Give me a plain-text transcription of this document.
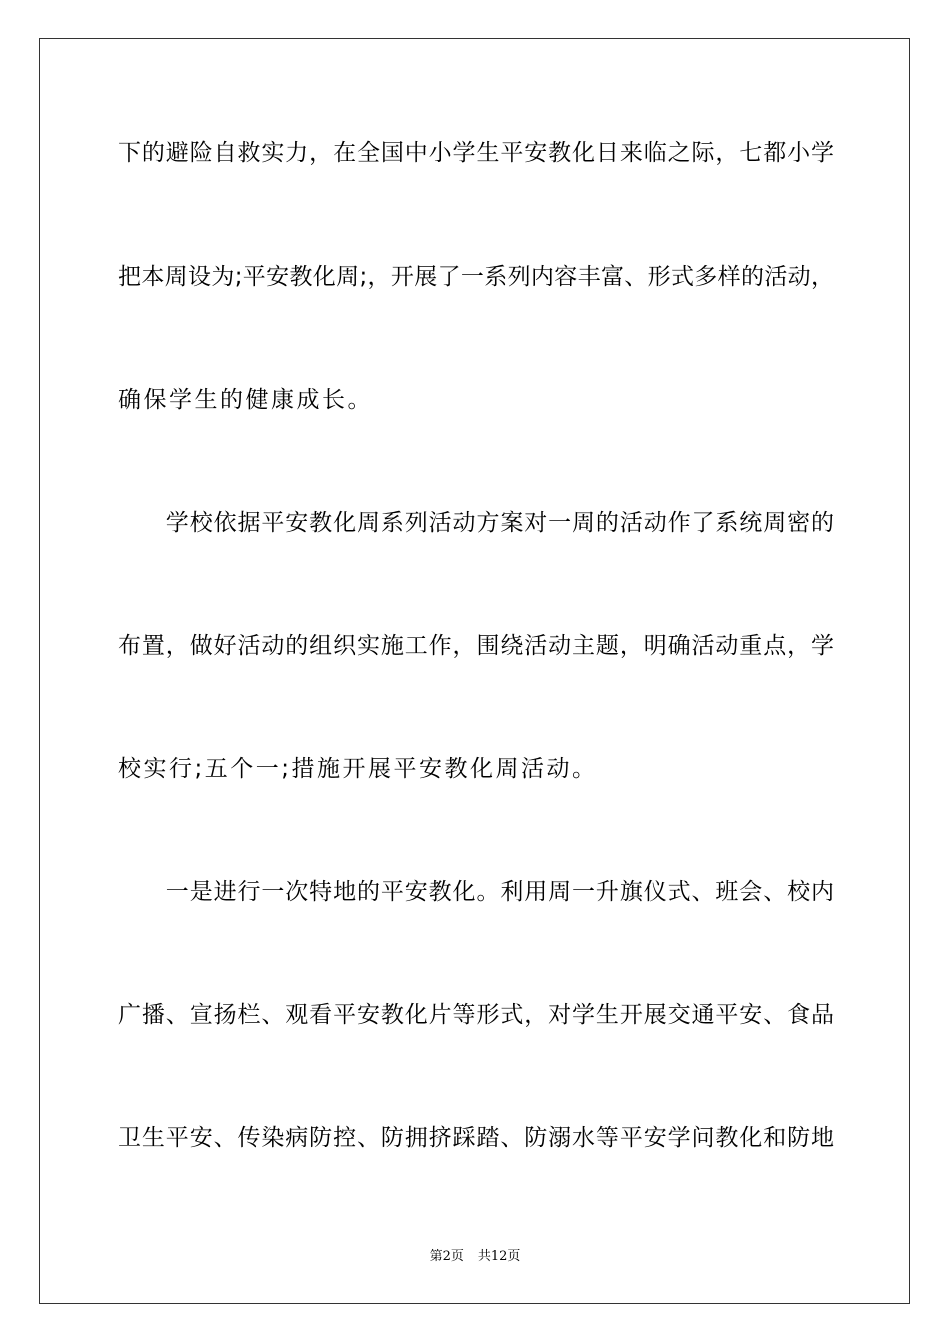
下的避险自救实力，在全国中小学生平安教化日来临之际，七都小学
把本周设为;平安教化周;，开展了一系列内容丰富、形式多样的活动，
确保学生的健康成长。
　　学校依据平安教化周系列活动方案对一周的活动作了系统周密的
布置，做好活动的组织实施工作，围绕活动主题，明确活动重点，学
校实行;五个一;措施开展平安教化周活动。
　　一是进行一次特地的平安教化。利用周一升旗仪式、班会、校内
广播、宣扬栏、观看平安教化片等形式，对学生开展交通平安、食品
卫生平安、传染病防控、防拥挤踩踏、防溺水等平安学问教化和防地
第2页 共12页
